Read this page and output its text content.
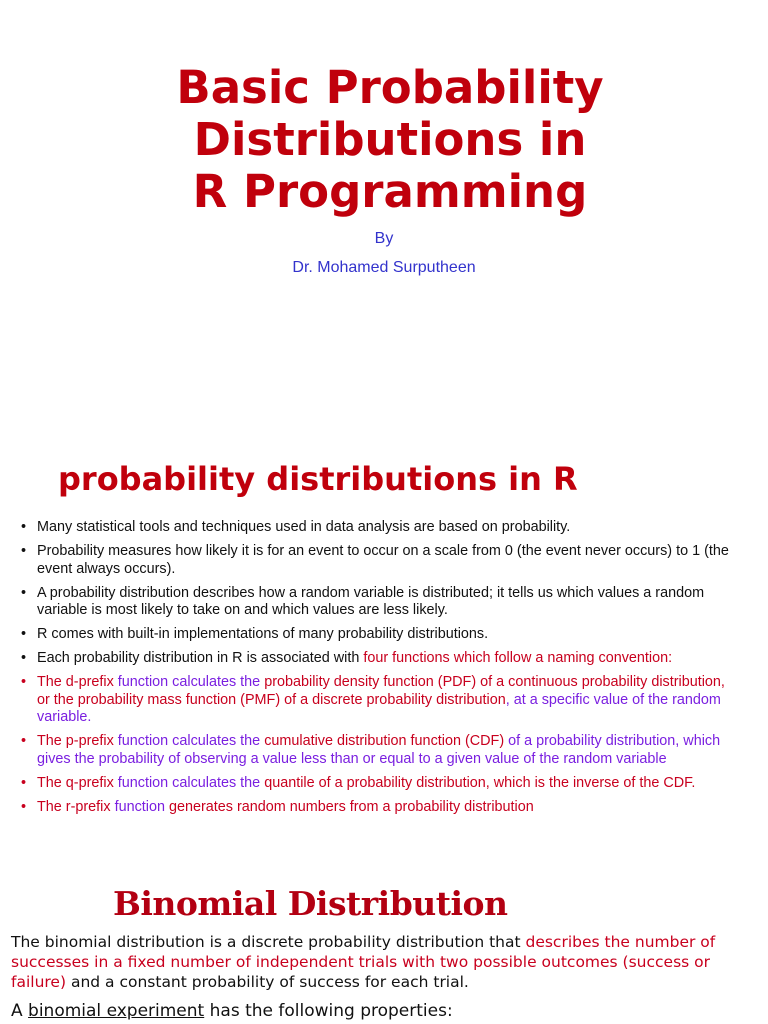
Basic Probability
Distributions in
R Programming
By
Dr. Mohamed Surputheen
probability distributions in R
• Many statistical tools and techniques used in data analysis are based on probability.
• Probability measures how likely it is for an event to occur on a scale from 0 (the event never occurs) to 1 (the event always occurs).
• A probability distribution describes how a random variable is distributed; it tells us which values a random variable is most likely to take on and which values are less likely.
• R comes with built-in implementations of many probability distributions.
• Each probability distribution in R is associated with four functions which follow a naming convention:
• The d-prefix function calculates the probability density function (PDF) of a continuous probability distribution, or the probability mass function (PMF) of a discrete probability distribution, at a specific value of the random variable.
• The p-prefix function calculates the cumulative distribution function (CDF) of a probability distribution, which gives the probability of observing a value less than or equal to a given value of the random variable
• The q-prefix function calculates the quantile of a probability distribution, which is the inverse of the CDF.
• The r-prefix function generates random numbers from a probability distribution
Binomial Distribution
The binomial distribution is a discrete probability distribution that describes the number of successes in a fixed number of independent trials with two possible outcomes (success or failure) and a constant probability of success for each trial.
A binomial experiment has the following properties:
